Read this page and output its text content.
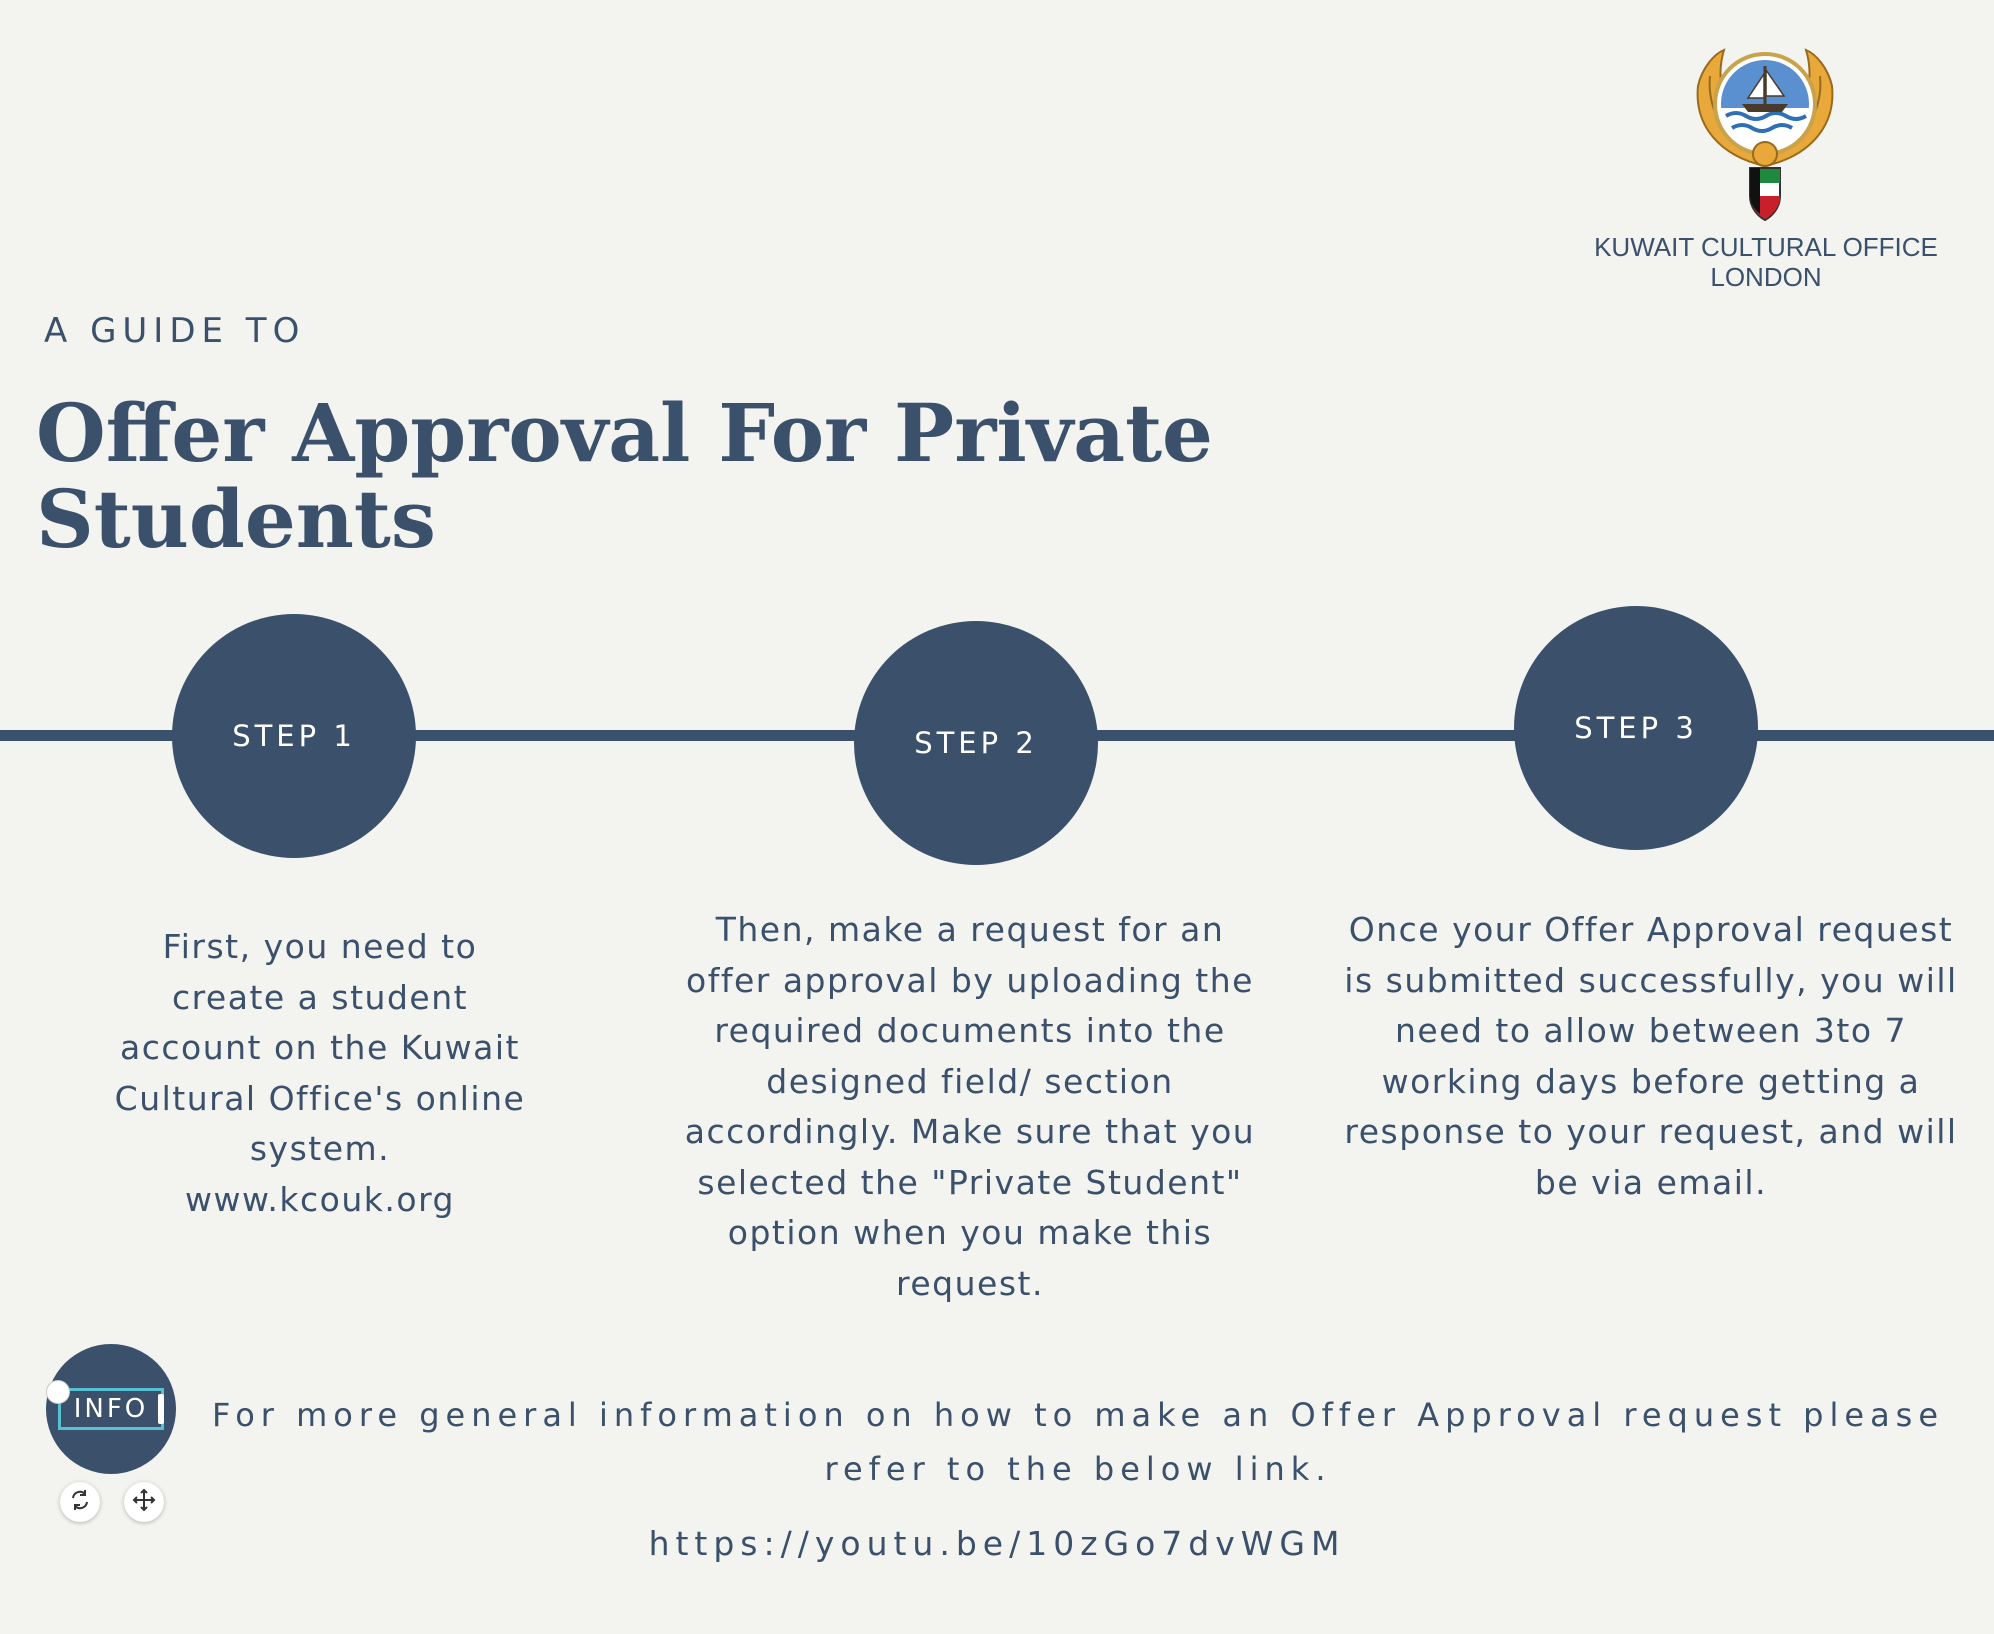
KUWAIT CULTURAL OFFICE
LONDON
A GUIDE TO
Offer Approval For Private Students
STEP 1	STEP 2	STEP 3
First, you need to
create a student
account on the Kuwait
Cultural Office's online
system.
www.kcouk.org
Then, make a request for an
offer approval by uploading the
required documents into the
designed field/ section
accordingly. Make sure that you
selected the "Private Student"
option when you make this
request.
Once your Offer Approval request
is submitted successfully, you will
need to allow between 3to 7
working days before getting a
response to your request, and will
be via email.
INFO	For more general information on how to make an Offer Approval request please
refer to the below link.
https://youtu.be/10zGo7dvWGM
